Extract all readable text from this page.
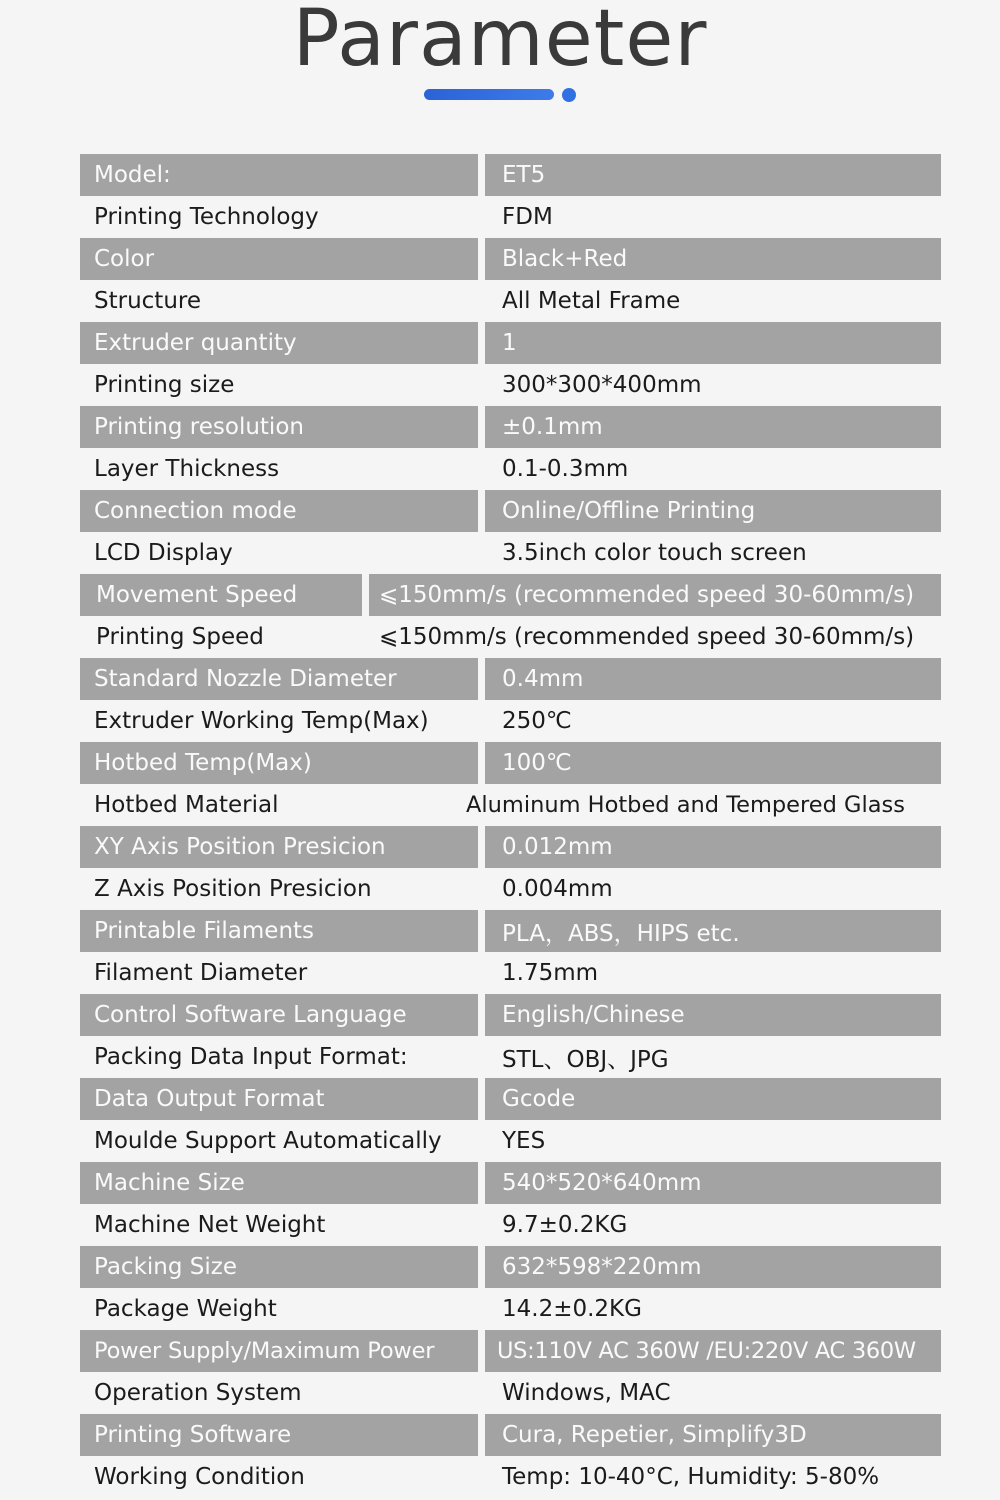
Parameter
Model:	ET5
Printing Technology	FDM
Color	Black+Red
Structure	All Metal Frame
Extruder quantity	1
Printing size	300*300*400mm
Printing resolution	±0.1mm
Layer Thickness	0.1-0.3mm
Connection mode	Online/Offline Printing
LCD Display	3.5inch color touch screen
Movement Speed	⩽150mm/s (recommended speed 30-60mm/s)
Printing Speed	⩽150mm/s (recommended speed 30-60mm/s)
Standard Nozzle Diameter	0.4mm
Extruder Working Temp(Max)	250℃
Hotbed Temp(Max)	100℃
Hotbed Material	Aluminum Hotbed and Tempered Glass
XY Axis Position Presicion	0.012mm
Z Axis Position Presicion	0.004mm
Printable Filaments	PLA，ABS，HIPS etc.
Filament Diameter	1.75mm
Control Software Language	English/Chinese
Packing Data Input Format:	STL、OBJ、JPG
Data Output Format	Gcode
Moulde Support Automatically	YES
Machine Size	540*520*640mm
Machine Net Weight	9.7±0.2KG
Packing Size	632*598*220mm
Package Weight	14.2±0.2KG
Power Supply/Maximum Power	US:110V AC 360W /EU:220V AC 360W
Operation System	Windows, MAC
Printing Software	Cura, Repetier, Simplify3D
Working Condition	Temp: 10-40°C, Humidity: 5-80%
